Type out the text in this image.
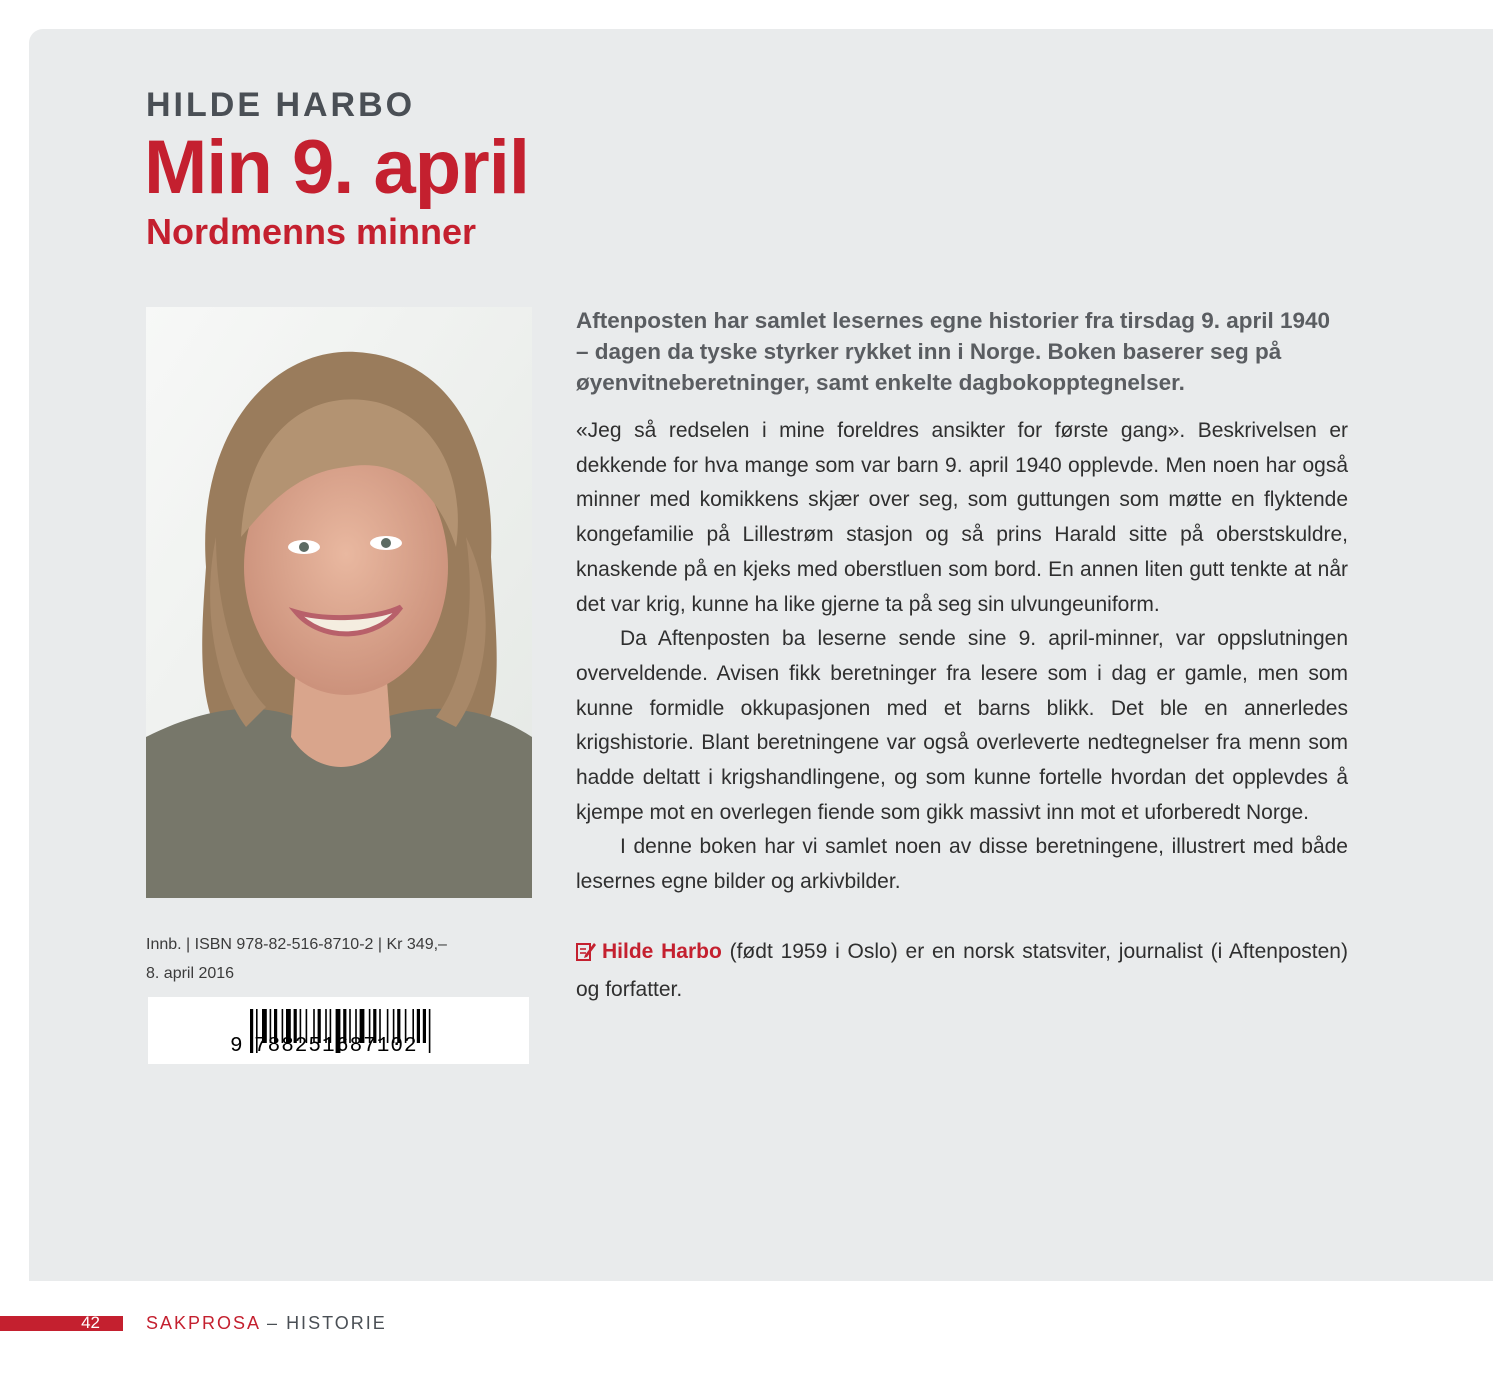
HILDE HARBO
Min 9. april
Nordmenns minner
Innb. | ISBN 978-82-516-8710-2 | Kr 349,–
8. april 2016
9 788251 687102

Aftenposten har samlet lesernes egne historier fra tirsdag 9. april 1940 – dagen da tyske styrker rykket inn i Norge. Boken baserer seg på øyenvitneberetninger, samt enkelte dagbokopptegnelser.

«Jeg så redselen i mine foreldres ansikter for første gang». Beskrivelsen er dekkende for hva mange som var barn 9. april 1940 opplevde. Men noen har også minner med komikkens skjær over seg, som guttungen som møtte en flyktende kongefamilie på Lillestrøm stasjon og så prins Harald sitte på oberstskuldre, knaskende på en kjeks med oberstluen som bord. En annen liten gutt tenkte at når det var krig, kunne ha like gjerne ta på seg sin ulvungeuniform.

Da Aftenposten ba leserne sende sine 9. april-minner, var oppslutningen overveldende. Avisen fikk beretninger fra lesere som i dag er gamle, men som kunne formidle okkupasjonen med et barns blikk. Det ble en annerledes krigshistorie. Blant beretningene var også overleverte nedtegnelser fra menn som hadde deltatt i krigshandlingene, og som kunne fortelle hvordan det opplevdes å kjempe mot en overlegen fiende som gikk massivt inn mot et uforberedt Norge.

I denne boken har vi samlet noen av disse beretningene, illustrert med både lesernes egne bilder og arkivbilder.

Hilde Harbo (født 1959 i Oslo) er en norsk statsviter, journalist (i Aftenposten) og forfatter.

42	SAKPROSA – HISTORIE
